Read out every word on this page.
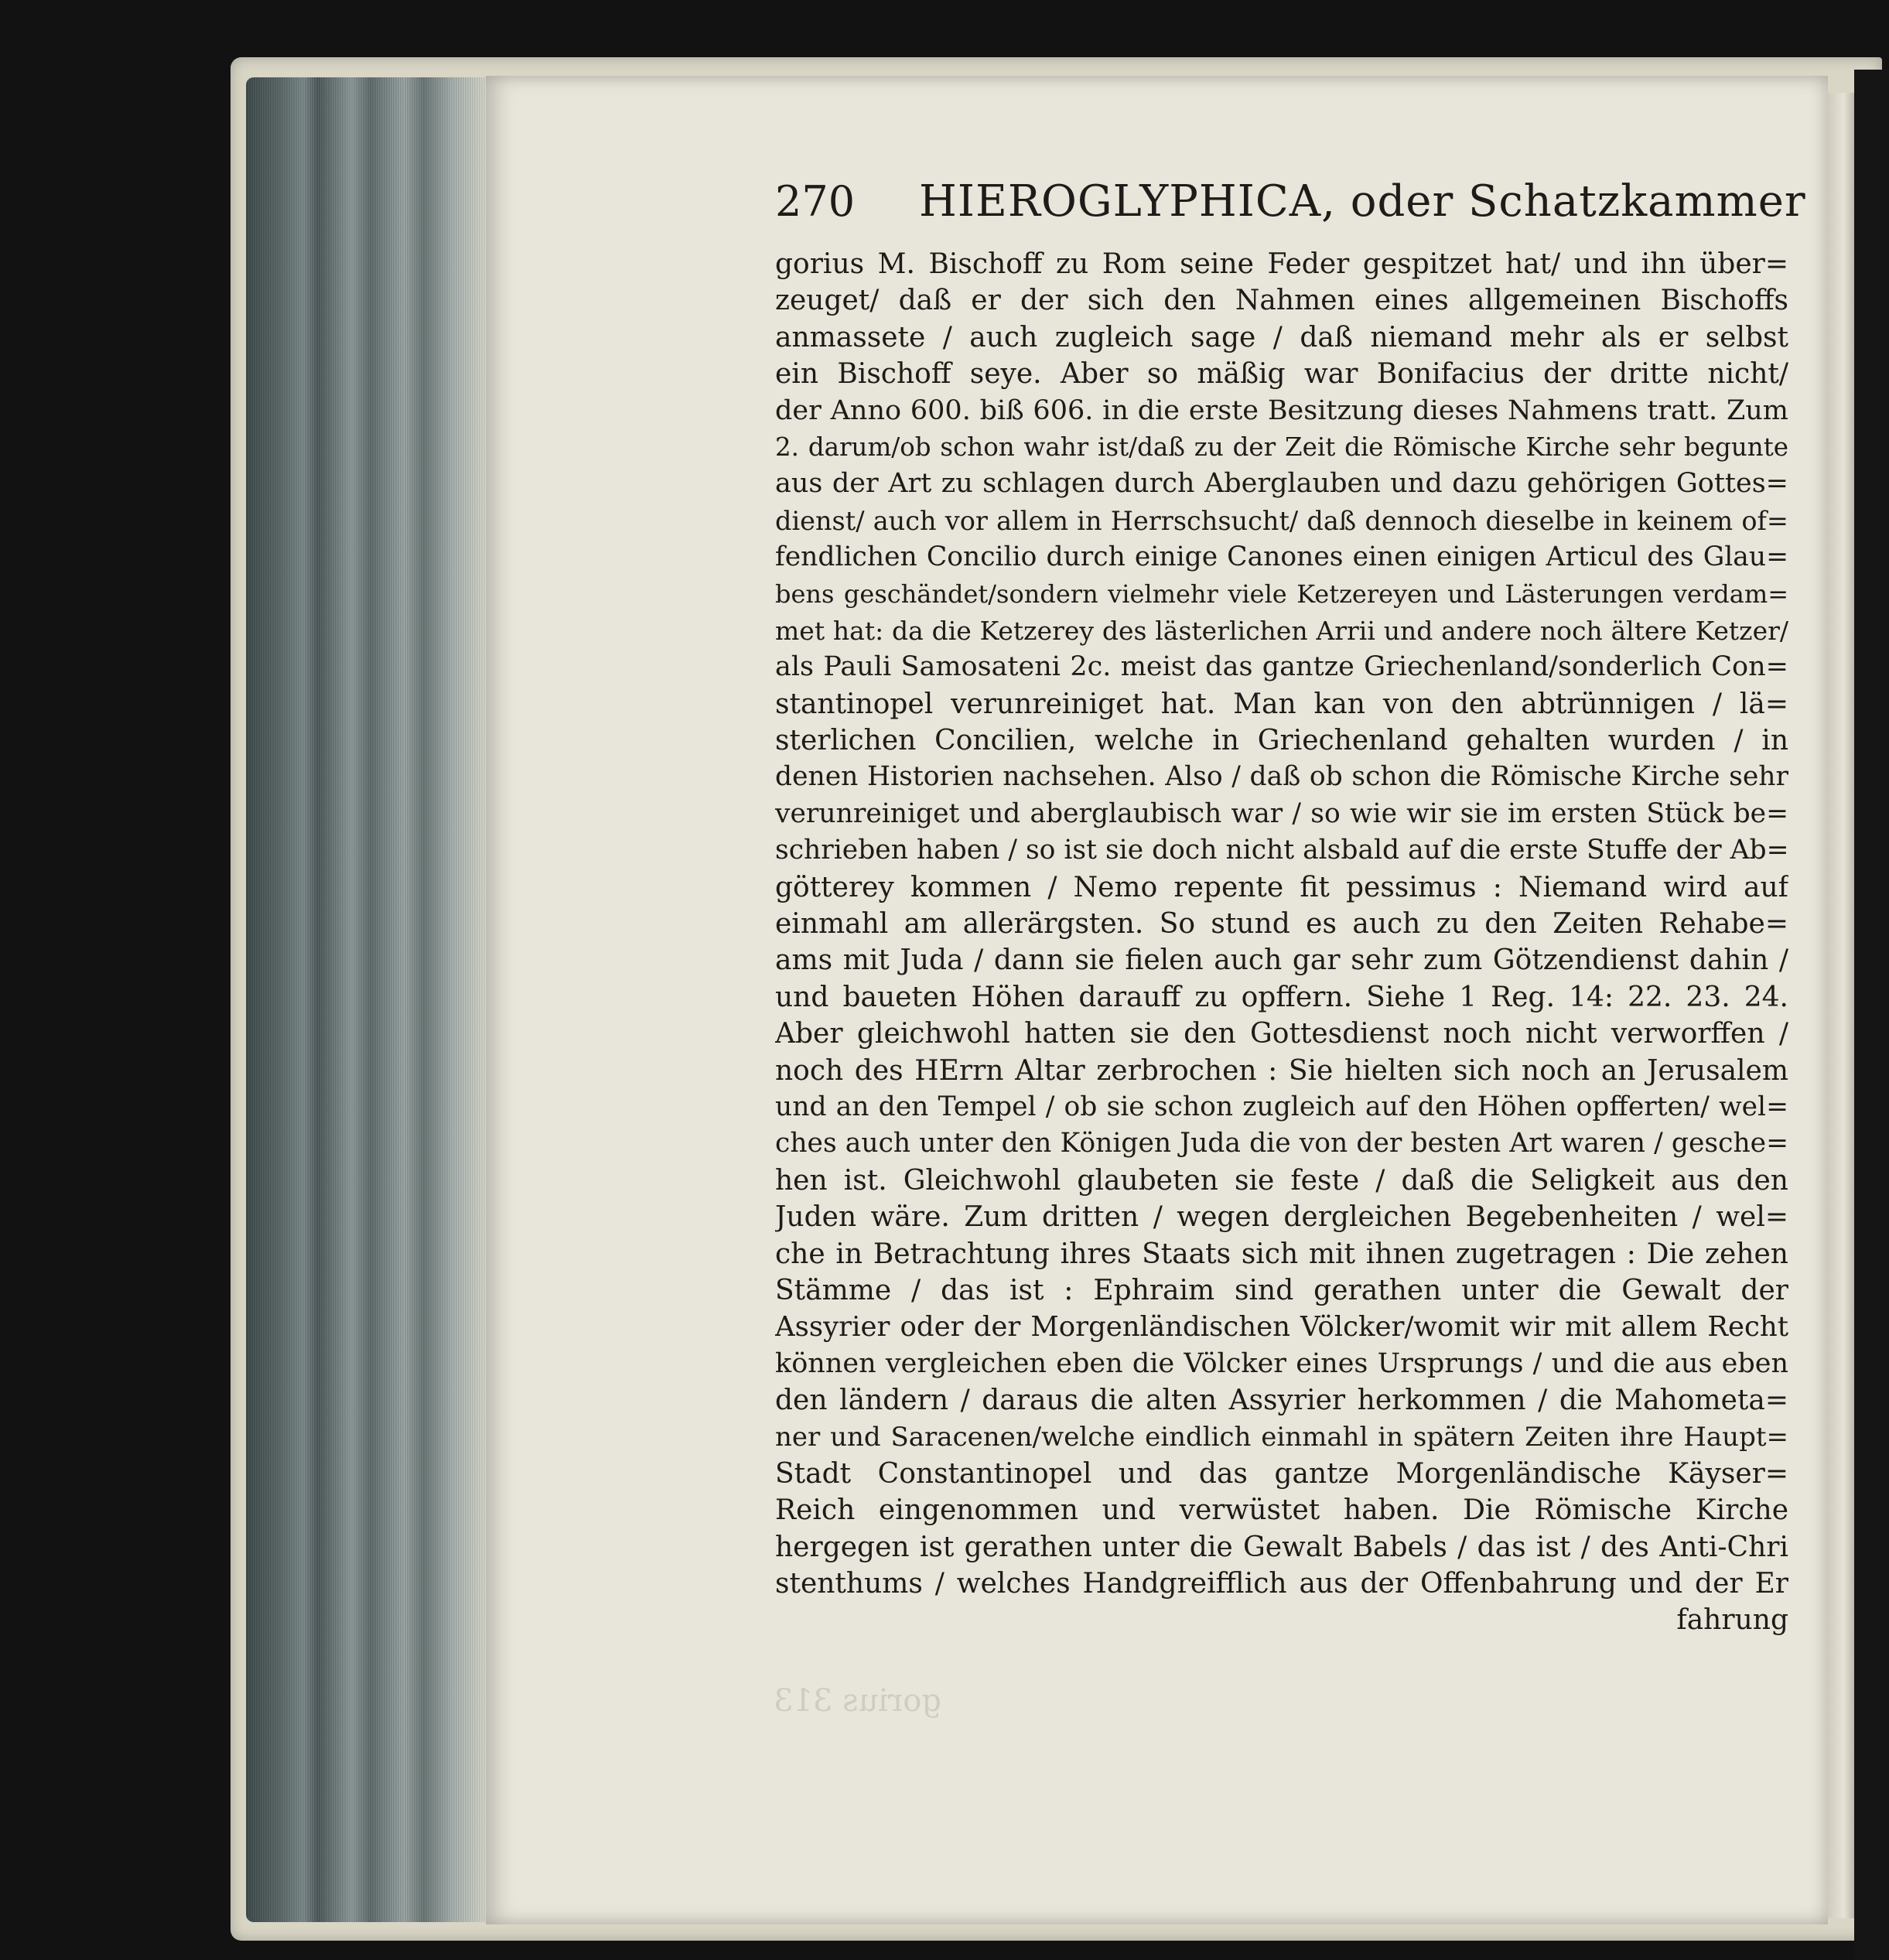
270 HIEROGLYPHICA, oder Schatzkammer
gorius M. Bischoff zu Rom seine Feder gespitzet hat/ und ihn über=
zeuget/ daß er der sich den Nahmen eines allgemeinen Bischoffs
anmassete / auch zugleich sage / daß niemand mehr als er selbst
ein Bischoff seye. Aber so mäßig war Bonifacius der dritte nicht/
der Anno 600. biß 606. in die erste Besitzung dieses Nahmens tratt. Zum
2. darum/ob schon wahr ist/daß zu der Zeit die Römische Kirche sehr begunte
aus der Art zu schlagen durch Aberglauben und dazu gehörigen Gottes=
dienst/ auch vor allem in Herrschsucht/ daß dennoch dieselbe in keinem of=
fendlichen Concilio durch einige Canones einen einigen Articul des Glau=
bens geschändet/sondern vielmehr viele Ketzereyen und Lästerungen verdam=
met hat: da die Ketzerey des lästerlichen Arrii und andere noch ältere Ketzer/
als Pauli Samosateni 2c. meist das gantze Griechenland/sonderlich Con=
stantinopel verunreiniget hat. Man kan von den abtrünnigen / lä=
sterlichen Concilien, welche in Griechenland gehalten wurden / in
denen Historien nachsehen. Also / daß ob schon die Römische Kirche sehr
verunreiniget und aberglaubisch war / so wie wir sie im ersten Stück be=
schrieben haben / so ist sie doch nicht alsbald auf die erste Stuffe der Ab=
götterey kommen / Nemo repente fit pessimus : Niemand wird auf
einmahl am allerärgsten. So stund es auch zu den Zeiten Rehabe=
ams mit Juda / dann sie fielen auch gar sehr zum Götzendienst dahin /
und baueten Höhen darauff zu opffern. Siehe 1 Reg. 14: 22. 23. 24.
Aber gleichwohl hatten sie den Gottesdienst noch nicht verworffen /
noch des HErrn Altar zerbrochen : Sie hielten sich noch an Jerusalem
und an den Tempel / ob sie schon zugleich auf den Höhen opfferten/ wel=
ches auch unter den Königen Juda die von der besten Art waren / gesche=
hen ist. Gleichwohl glaubeten sie feste / daß die Seligkeit aus den
Juden wäre. Zum dritten / wegen dergleichen Begebenheiten / wel=
che in Betrachtung ihres Staats sich mit ihnen zugetragen : Die zehen
Stämme / das ist : Ephraim sind gerathen unter die Gewalt der
Assyrier oder der Morgenländischen Völcker/womit wir mit allem Recht
können vergleichen eben die Völcker eines Ursprungs / und die aus eben
den ländern / daraus die alten Assyrier herkommen / die Mahometa=
ner und Saracenen/welche eindlich einmahl in spätern Zeiten ihre Haupt=
Stadt Constantinopel und das gantze Morgenländische Käyser=
Reich eingenommen und verwüstet haben. Die Römische Kirche
hergegen ist gerathen unter die Gewalt Babels / das ist / des Anti-Chri
stenthums / welches Handgreifflich aus der Offenbahrung und der Er
fahrung
gorius 313
